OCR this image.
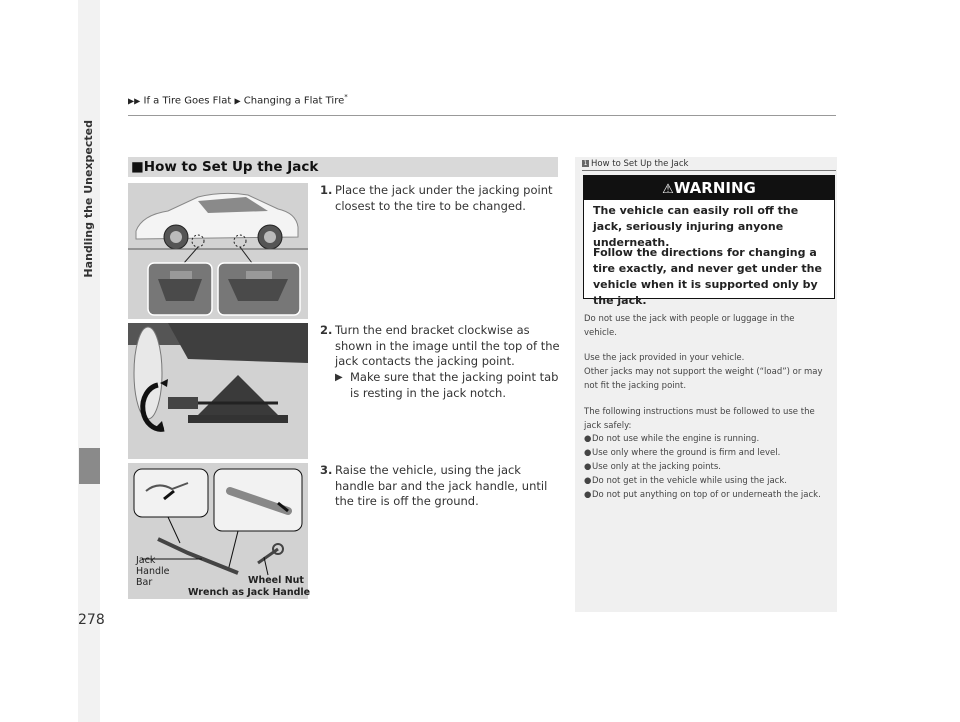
▶▶ If a Tire Goes Flat ▶ Changing a Flat Tire*
Handling the Unexpected
278
■How to Set Up the Jack
Jack
Handle
Bar	Wheel Nut
Wrench as Jack Handle
1. Place the jack under the jacking point closest to the tire to be changed.
2. Turn the end bracket clockwise as shown in the image until the top of the jack contacts the jacking point.
▶ Make sure that the jacking point tab is resting in the jack notch.
3. Raise the vehicle, using the jack handle bar and the jack handle, until the tire is off the ground.
1 How to Set Up the Jack
⚠WARNING
The vehicle can easily roll off the jack, seriously injuring anyone underneath.
Follow the directions for changing a tire exactly, and never get under the vehicle when it is supported only by the jack.
Do not use the jack with people or luggage in the vehicle.
Use the jack provided in your vehicle.
Other jacks may not support the weight (“load”) or may not fit the jacking point.
The following instructions must be followed to use the jack safely:
● Do not use while the engine is running.
● Use only where the ground is firm and level.
● Use only at the jacking points.
● Do not get in the vehicle while using the jack.
● Do not put anything on top of or underneath the jack.
